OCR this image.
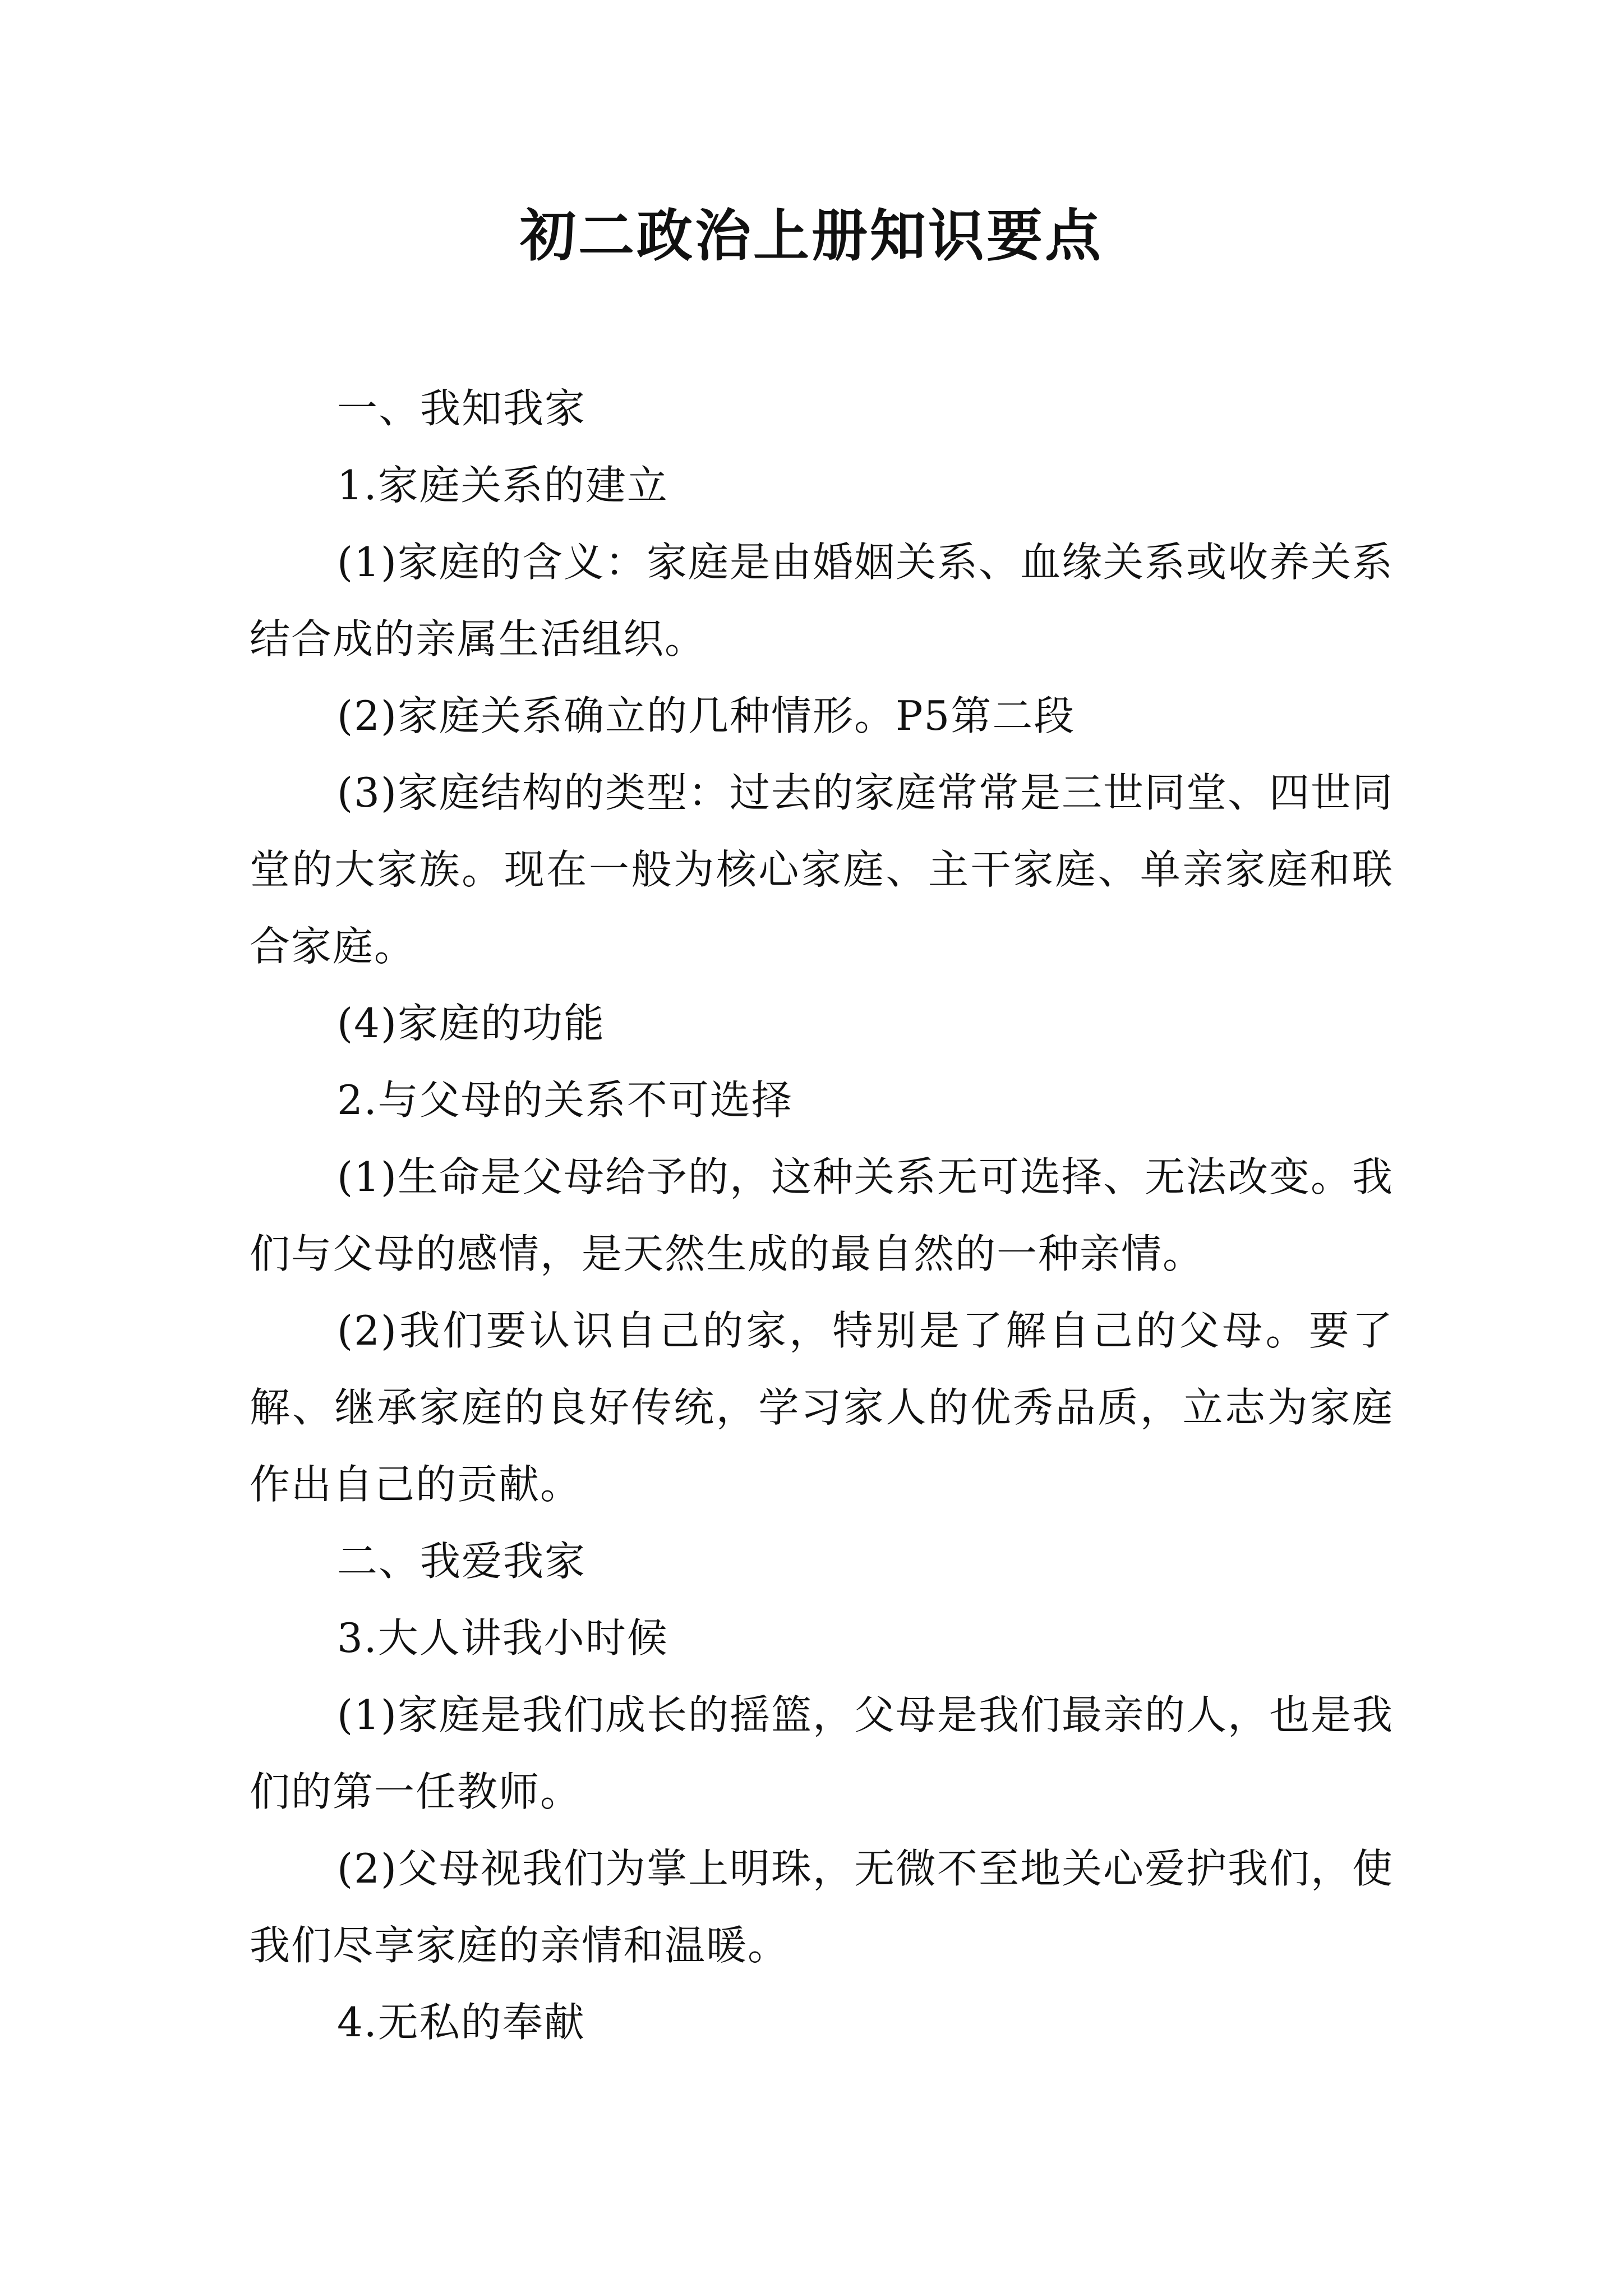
初二政治上册知识要点

一、我知我家

1.家庭关系的建立

(1)家庭的含义：家庭是由婚姻关系、血缘关系或收养关系结合成的亲属生活组织。

(2)家庭关系确立的几种情形。P5第二段

(3)家庭结构的类型：过去的家庭常常是三世同堂、四世同堂的大家族。现在一般为核心家庭、主干家庭、单亲家庭和联合家庭。

(4)家庭的功能

2.与父母的关系不可选择

(1)生命是父母给予的，这种关系无可选择、无法改变。我们与父母的感情，是天然生成的最自然的一种亲情。

(2)我们要认识自己的家，特别是了解自己的父母。要了解、继承家庭的良好传统，学习家人的优秀品质，立志为家庭作出自己的贡献。

二、我爱我家

3.大人讲我小时候

(1)家庭是我们成长的摇篮，父母是我们最亲的人，也是我们的第一任教师。

(2)父母视我们为掌上明珠，无微不至地关心爱护我们，使我们尽享家庭的亲情和温暖。

4.无私的奉献
